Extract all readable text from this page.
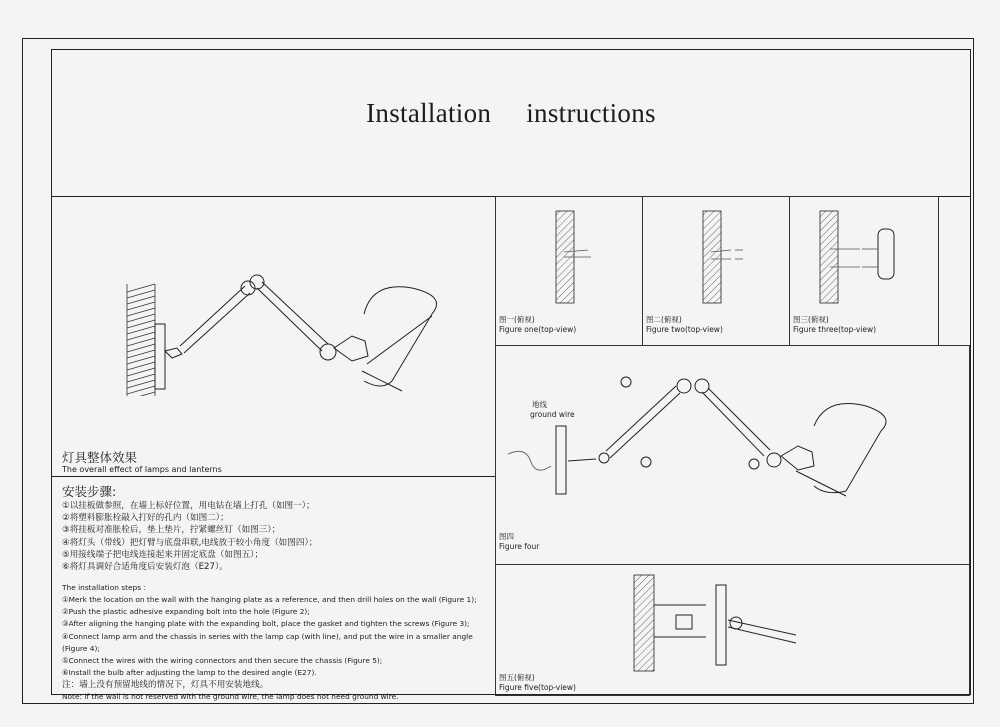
Installation instructions
灯具整体效果
The overall effect of lamps and lanterns
安装步骤:
①以挂板做参照，在墙上标好位置，用电钻在墙上打孔（如图一）；
②将塑料膨胀栓敲入打好的孔内（如图二）；
③将挂板对准胀栓后，垫上垫片，拧紧螺丝钉（如图三）；
④将灯头（带线）把灯臂与底盘串联,电线放于较小角度（如图四）；
⑤用接线端子把电线连接起来并固定底盘（如图五）；
⑥将灯具调好合适角度后安装灯泡（E27）。
The installation steps :
①Merk the location on the wall with the hanging plate as a reference, and then drill holes on the wall (Figure 1);
②Push the plastic adhesive expanding bolt into the hole (Figure 2);
③After aligning the hanging plate with the expanding bolt, place the gasket and tighten the screws (Figure 3);
④Connect lamp arm and the chassis in series with the lamp cap (with line), and put the wire in a smaller angle
(Figure 4);
⑤Connect the wires with the wiring connectors and then secure the chassis (Figure 5);
⑥Install the bulb after adjusting the lamp to the desired angle (E27).
注：墙上没有预留地线的情况下，灯具不用安装地线。
Note: if the wall is not reserved with the ground wire, the lamp does not need ground wire.
图一(俯视)
Figure one(top-view)
图二(俯视)
Figure two(top-view)
图三(俯视)
Figure three(top-view)
地线
ground wire
图四
Figure four
图五(俯视)
Figure five(top-view)
